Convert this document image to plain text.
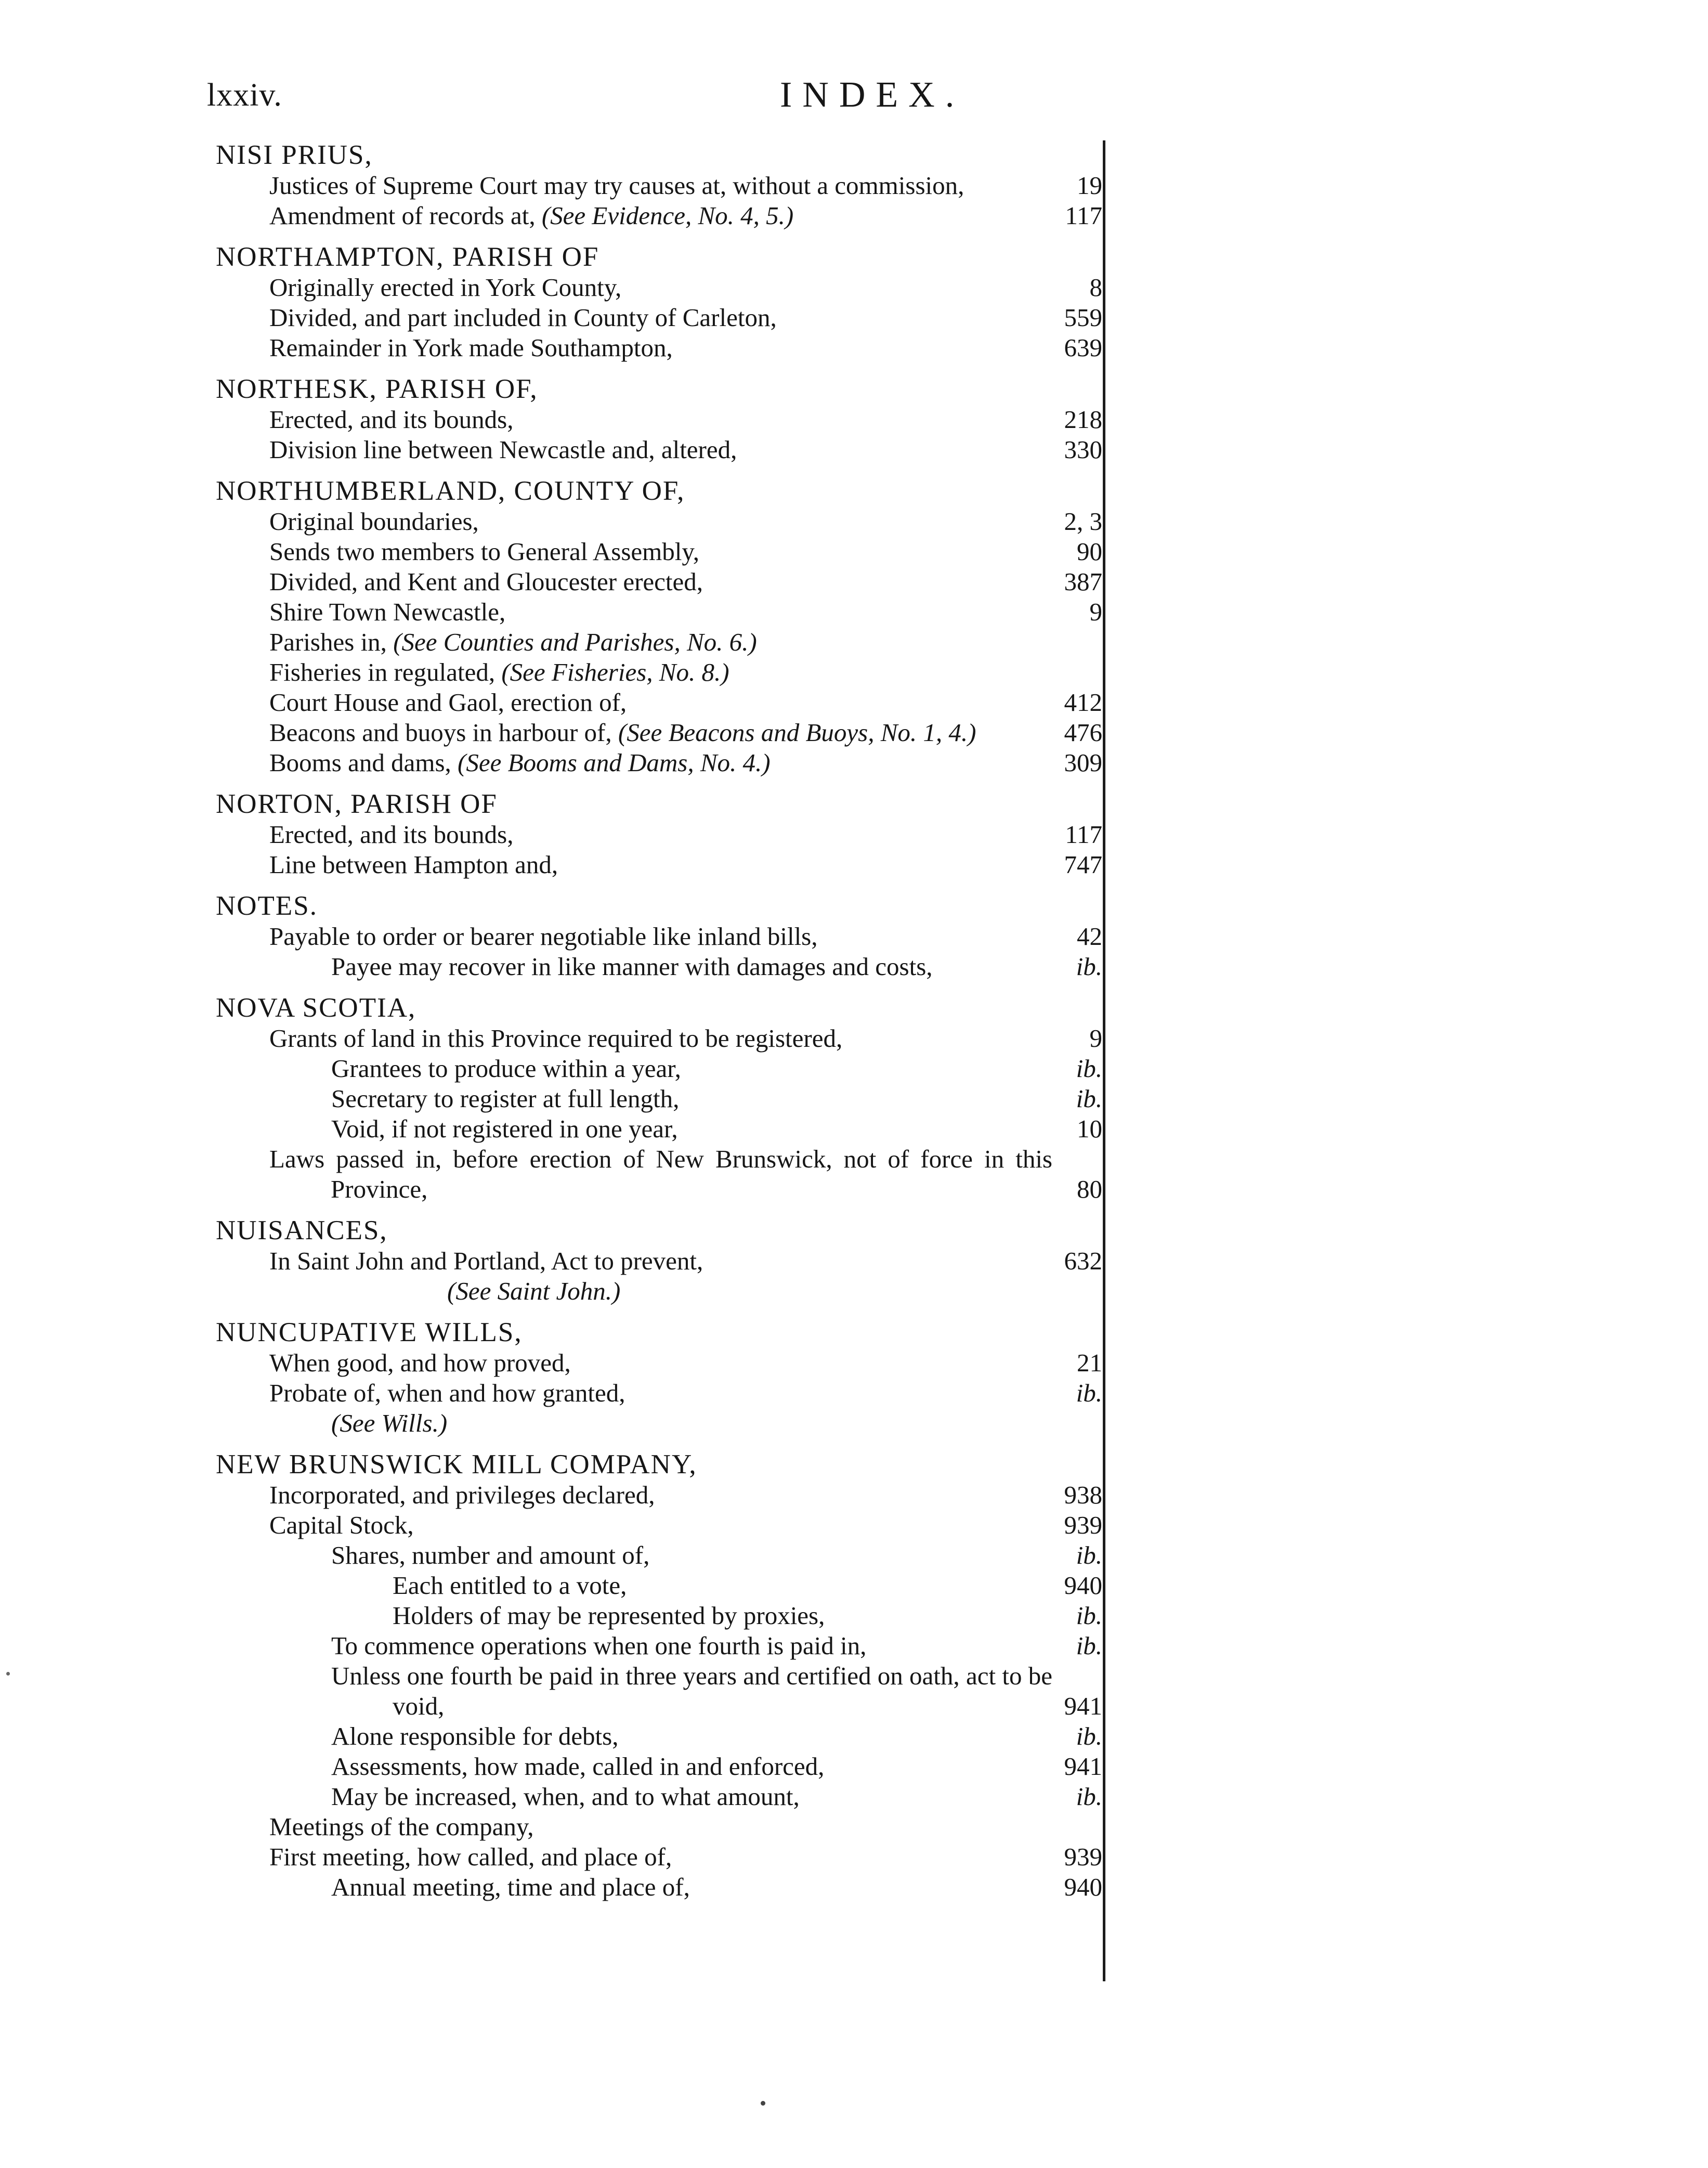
lxxiv.	INDEX.
NISI PRIUS,
Justices of Supreme Court may try causes at, without a commission,	19
Amendment of records at, (See Evidence, No. 4, 5.)	117
NORTHAMPTON, PARISH OF
Originally erected in York County,	8
Divided, and part included in County of Carleton,	559
Remainder in York made Southampton,	639
NORTHESK, PARISH OF,
Erected, and its bounds,	218
Division line between Newcastle and, altered,	330
NORTHUMBERLAND, COUNTY OF,
Original boundaries,	2, 3
Sends two members to General Assembly,	90
Divided, and Kent and Gloucester erected,	387
Shire Town Newcastle,	9
Parishes in, (See Counties and Parishes, No. 6.)
Fisheries in regulated, (See Fisheries, No. 8.)
Court House and Gaol, erection of,	412
Beacons and buoys in harbour of, (See Beacons and Buoys, No. 1, 4.)	476
Booms and dams, (See Booms and Dams, No. 4.)	309
NORTON, PARISH OF
Erected, and its bounds,	117
Line between Hampton and,	747
NOTES.
Payable to order or bearer negotiable like inland bills,	42
Payee may recover in like manner with damages and costs,	ib.
NOVA SCOTIA,
Grants of land in this Province required to be registered,	9
Grantees to produce within a year,	ib.
Secretary to register at full length,	ib.
Void, if not registered in one year,	10
Laws passed in, before erection of New Brunswick, not of force in this Province,	80
NUISANCES,
In Saint John and Portland, Act to prevent,	632
(See Saint John.)
NUNCUPATIVE WILLS,
When good, and how proved,	21
Probate of, when and how granted,	ib.
(See Wills.)
NEW BRUNSWICK MILL COMPANY,
Incorporated, and privileges declared,	938
Capital Stock,	939
Shares, number and amount of,	ib.
Each entitled to a vote,	940
Holders of may be represented by proxies,	ib.
To commence operations when one fourth is paid in,	ib.
Unless one fourth be paid in three years and certified on oath, act to be void,	941
Alone responsible for debts,	ib.
Assessments, how made, called in and enforced,	941
May be increased, when, and to what amount,	ib.
Meetings of the company,
First meeting, how called, and place of,	939
Annual meeting, time and place of,	940
